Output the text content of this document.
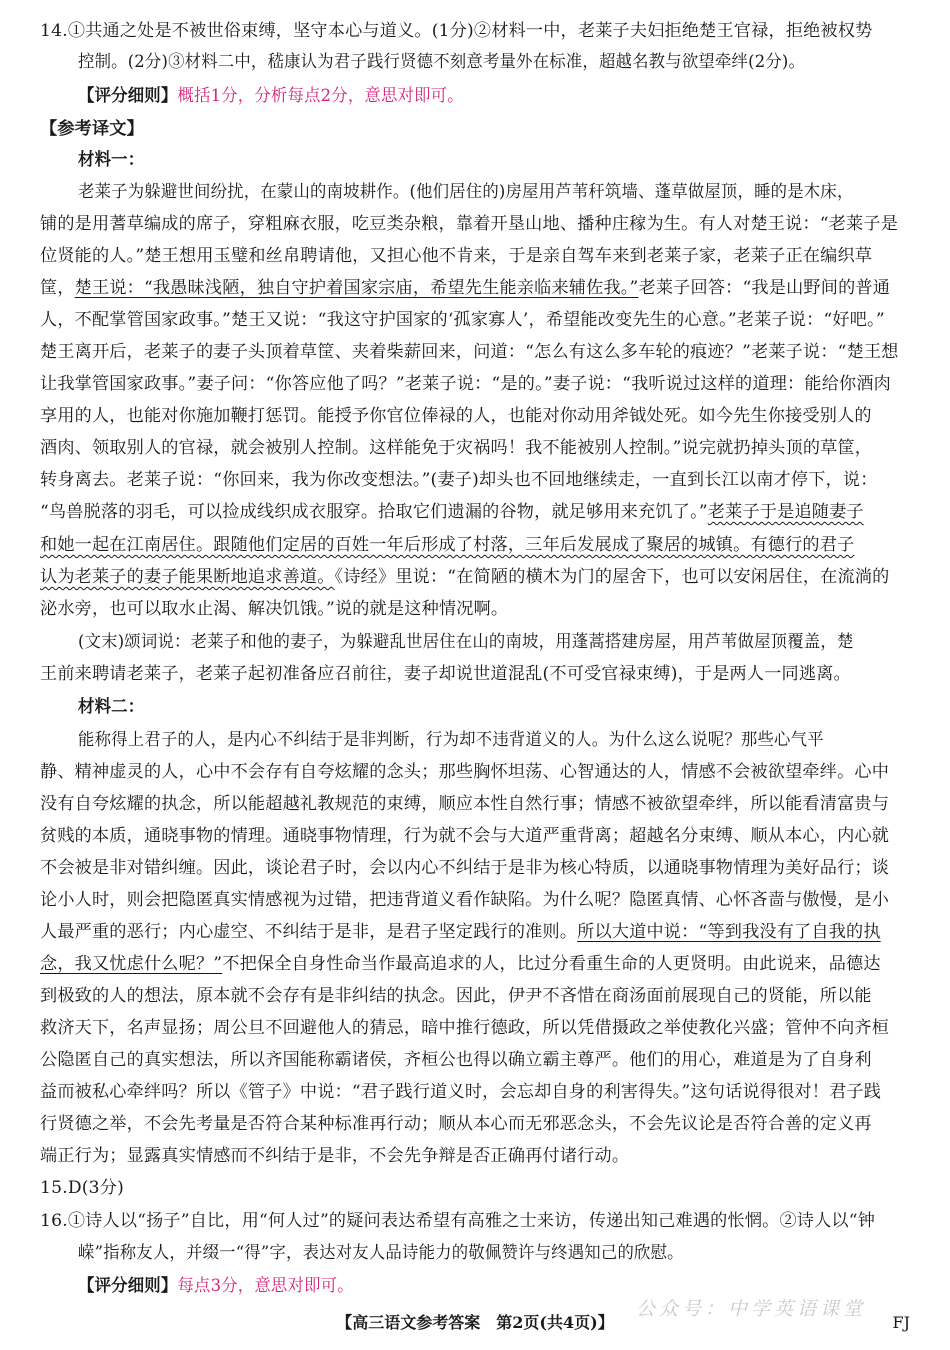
14.①共通之处是不被世俗束缚，坚守本心与道义。(1分)②材料一中，老莱子夫妇拒绝楚王官禄，拒绝被权势
控制。(2分)③材料二中，嵇康认为君子践行贤德不刻意考量外在标准，超越名教与欲望牵绊(2分)。
【评分细则】概括1分，分析每点2分，意思对即可。
【参考译文】
材料一：
老莱子为躲避世间纷扰，在蒙山的南坡耕作。(他们居住的)房屋用芦苇秆筑墙、蓬草做屋顶，睡的是木床，
铺的是用蓍草编成的席子，穿粗麻衣服，吃豆类杂粮，靠着开垦山地、播种庄稼为生。有人对楚王说：“老莱子是
位贤能的人。”楚王想用玉璧和丝帛聘请他，又担心他不肯来，于是亲自驾车来到老莱子家，老莱子正在编织草
筐，楚王说：“我愚昧浅陋，独自守护着国家宗庙，希望先生能亲临来辅佐我。”老莱子回答：“我是山野间的普通
人，不配掌管国家政事。”楚王又说：“我这守护国家的‘孤家寡人’，希望能改变先生的心意。”老莱子说：“好吧。”
楚王离开后，老莱子的妻子头顶着草筐、夹着柴薪回来，问道：“怎么有这么多车轮的痕迹？”老莱子说：“楚王想
让我掌管国家政事。”妻子问：“你答应他了吗？”老莱子说：“是的。”妻子说：“我听说过这样的道理：能给你酒肉
享用的人，也能对你施加鞭打惩罚。能授予你官位俸禄的人，也能对你动用斧钺处死。如今先生你接受别人的
酒肉、领取别人的官禄，就会被别人控制。这样能免于灾祸吗！我不能被别人控制。”说完就扔掉头顶的草筐，
转身离去。老莱子说：“你回来，我为你改变想法。”(妻子)却头也不回地继续走，一直到长江以南才停下，说：
“鸟兽脱落的羽毛，可以捡成线织成衣服穿。拾取它们遗漏的谷物，就足够用来充饥了。”老莱子于是追随妻子
和她一起在江南居住。跟随他们定居的百姓一年后形成了村落，三年后发展成了聚居的城镇。有德行的君子
认为老莱子的妻子能果断地追求善道。《诗经》里说：“在简陋的横木为门的屋舍下，也可以安闲居住，在流淌的
泌水旁，也可以取水止渴、解决饥饿。”说的就是这种情况啊。
(文末)颂词说：老莱子和他的妻子，为躲避乱世居住在山的南坡，用蓬蒿搭建房屋，用芦苇做屋顶覆盖，楚
王前来聘请老莱子，老莱子起初准备应召前往，妻子却说世道混乱(不可受官禄束缚)，于是两人一同逃离。
材料二：
能称得上君子的人，是内心不纠结于是非判断，行为却不违背道义的人。为什么这么说呢？那些心气平
静、精神虚灵的人，心中不会存有自夸炫耀的念头；那些胸怀坦荡、心智通达的人，情感不会被欲望牵绊。心中
没有自夸炫耀的执念，所以能超越礼教规范的束缚，顺应本性自然行事；情感不被欲望牵绊，所以能看清富贵与
贫贱的本质，通晓事物的情理。通晓事物情理，行为就不会与大道严重背离；超越名分束缚、顺从本心，内心就
不会被是非对错纠缠。因此，谈论君子时，会以内心不纠结于是非为核心特质，以通晓事物情理为美好品行；谈
论小人时，则会把隐匿真实情感视为过错，把违背道义看作缺陷。为什么呢？隐匿真情、心怀吝啬与傲慢，是小
人最严重的恶行；内心虚空、不纠结于是非，是君子坚定践行的准则。所以大道中说：“等到我没有了自我的执
念，我又忧虑什么呢？”不把保全自身性命当作最高追求的人，比过分看重生命的人更贤明。由此说来，品德达
到极致的人的想法，原本就不会存有是非纠结的执念。因此，伊尹不吝惜在商汤面前展现自己的贤能，所以能
救济天下，名声显扬；周公旦不回避他人的猜忌，暗中推行德政，所以凭借摄政之举使教化兴盛；管仲不向齐桓
公隐匿自己的真实想法，所以齐国能称霸诸侯，齐桓公也得以确立霸主尊严。他们的用心，难道是为了自身利
益而被私心牵绊吗？所以《管子》中说：“君子践行道义时，会忘却自身的利害得失。”这句话说得很对！君子践
行贤德之举，不会先考量是否符合某种标准再行动；顺从本心而无邪恶念头，不会先议论是否符合善的定义再
端正行为；显露真实情感而不纠结于是非，不会先争辩是否正确再付诸行动。
15.D(3分)
16.①诗人以“扬子”自比，用“何人过”的疑问表达希望有高雅之士来访，传递出知己难遇的怅惘。②诗人以“钟
嵘”指称友人，并缀一“得”字，表达对友人品诗能力的敬佩赞许与终遇知己的欣慰。
【评分细则】每点3分，意思对即可。
公众号：中学英语课堂
【高三语文参考答案　第2页(共4页)】	FJ
